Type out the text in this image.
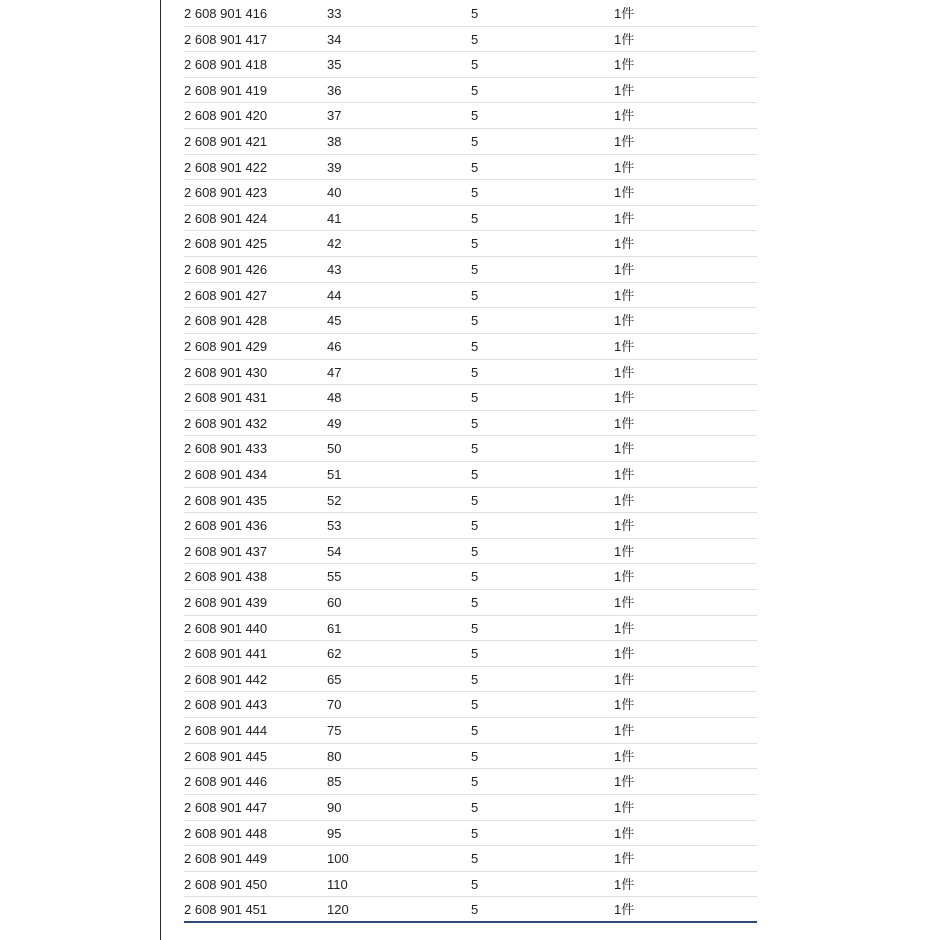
2 608 901 416	33	5	1件
2 608 901 417	34	5	1件
2 608 901 418	35	5	1件
2 608 901 419	36	5	1件
2 608 901 420	37	5	1件
2 608 901 421	38	5	1件
2 608 901 422	39	5	1件
2 608 901 423	40	5	1件
2 608 901 424	41	5	1件
2 608 901 425	42	5	1件
2 608 901 426	43	5	1件
2 608 901 427	44	5	1件
2 608 901 428	45	5	1件
2 608 901 429	46	5	1件
2 608 901 430	47	5	1件
2 608 901 431	48	5	1件
2 608 901 432	49	5	1件
2 608 901 433	50	5	1件
2 608 901 434	51	5	1件
2 608 901 435	52	5	1件
2 608 901 436	53	5	1件
2 608 901 437	54	5	1件
2 608 901 438	55	5	1件
2 608 901 439	60	5	1件
2 608 901 440	61	5	1件
2 608 901 441	62	5	1件
2 608 901 442	65	5	1件
2 608 901 443	70	5	1件
2 608 901 444	75	5	1件
2 608 901 445	80	5	1件
2 608 901 446	85	5	1件
2 608 901 447	90	5	1件
2 608 901 448	95	5	1件
2 608 901 449	100	5	1件
2 608 901 450	110	5	1件
2 608 901 451	120	5	1件
